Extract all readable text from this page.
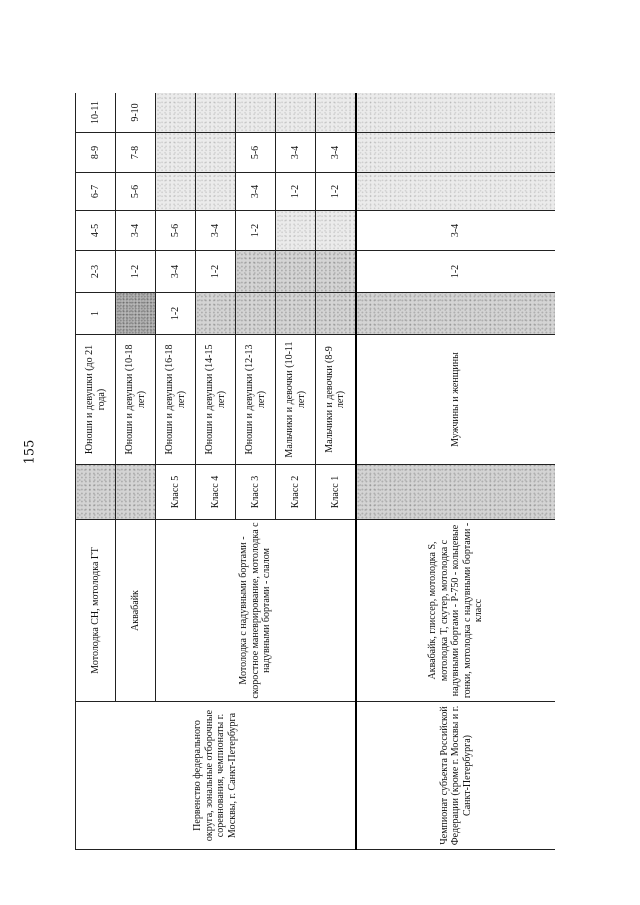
155
Первенство федерального округа, зональные отборочные соревнования, чемпионаты г. Москвы, г. Санкт-Петербурга	Мотолодка СН, мотолодка ГТ		Юноши и девушки (до 21 года)	1	2-3	4-5	6-7	8-9	10-11
	Аквабайк		Юноши и девушки (10-18 лет)		1-2	3-4	5-6	7-8	9-10
	Мотолодка с надувными бортами - скоростное маневрирование, мотолодка с надувными бортами - слалом	Класс 5	Юноши и девушки (16-18 лет)	1-2	3-4	5-6			
		Класс 4	Юноши и девушки (14-15 лет)		1-2	3-4			
		Класс 3	Юноши и девушки (12-13 лет)			1-2	3-4	5-6	
		Класс 2	Мальчики и девочки (10-11 лет)				1-2	3-4	
		Класс 1	Мальчики и девочки (8-9 лет)				1-2	3-4	
Чемпионат субъекта Российской Федерации (кроме г. Москвы и г. Санкт-Петербурга)	Аквабайк, глиссер, мотолодка S, мотолодка T, скутер, мотолодка с надувными бортами - Р-750 - кольцевые гонки, мотолодка с надувными бортами - класс		Мужчины и женщины		1-2	3-4			
